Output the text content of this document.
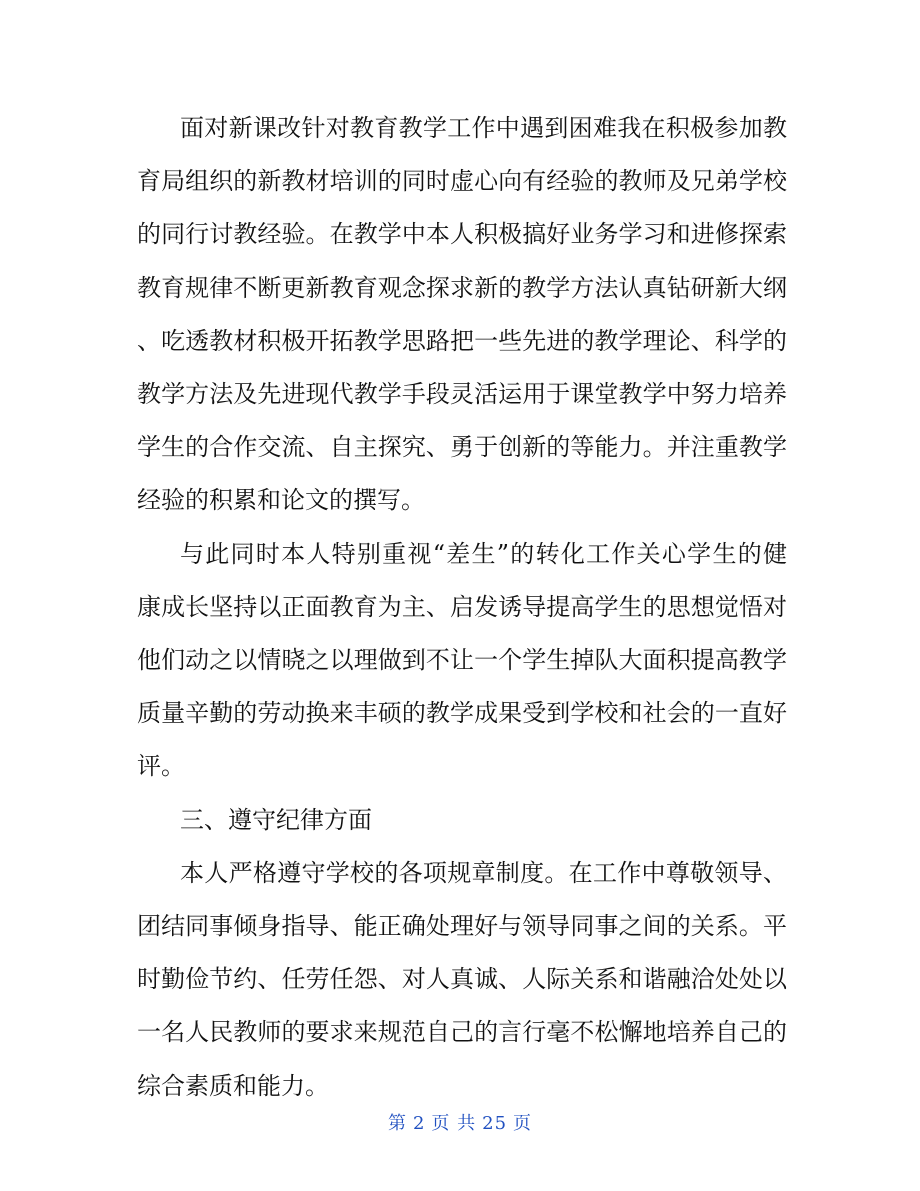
面对新课改针对教育教学工作中遇到困难我在积极参加教
育局组织的新教材培训的同时虚心向有经验的教师及兄弟学校
的同行讨教经验。在教学中本人积极搞好业务学习和进修探索
教育规律不断更新教育观念探求新的教学方法认真钻研新大纲
、吃透教材积极开拓教学思路把一些先进的教学理论、科学的
教学方法及先进现代教学手段灵活运用于课堂教学中努力培养
学生的合作交流、自主探究、勇于创新的等能力。并注重教学
经验的积累和论文的撰写。
与此同时本人特别重视“差生”的转化工作关心学生的健
康成长坚持以正面教育为主、启发诱导提高学生的思想觉悟对
他们动之以情晓之以理做到不让一个学生掉队大面积提高教学
质量辛勤的劳动换来丰硕的教学成果受到学校和社会的一直好
评。
三、遵守纪律方面
本人严格遵守学校的各项规章制度。在工作中尊敬领导、
团结同事倾身指导、能正确处理好与领导同事之间的关系。平
时勤俭节约、任劳任怨、对人真诚、人际关系和谐融洽处处以
一名人民教师的要求来规范自己的言行毫不松懈地培养自己的
综合素质和能力。
第 2 页 共 25 页
